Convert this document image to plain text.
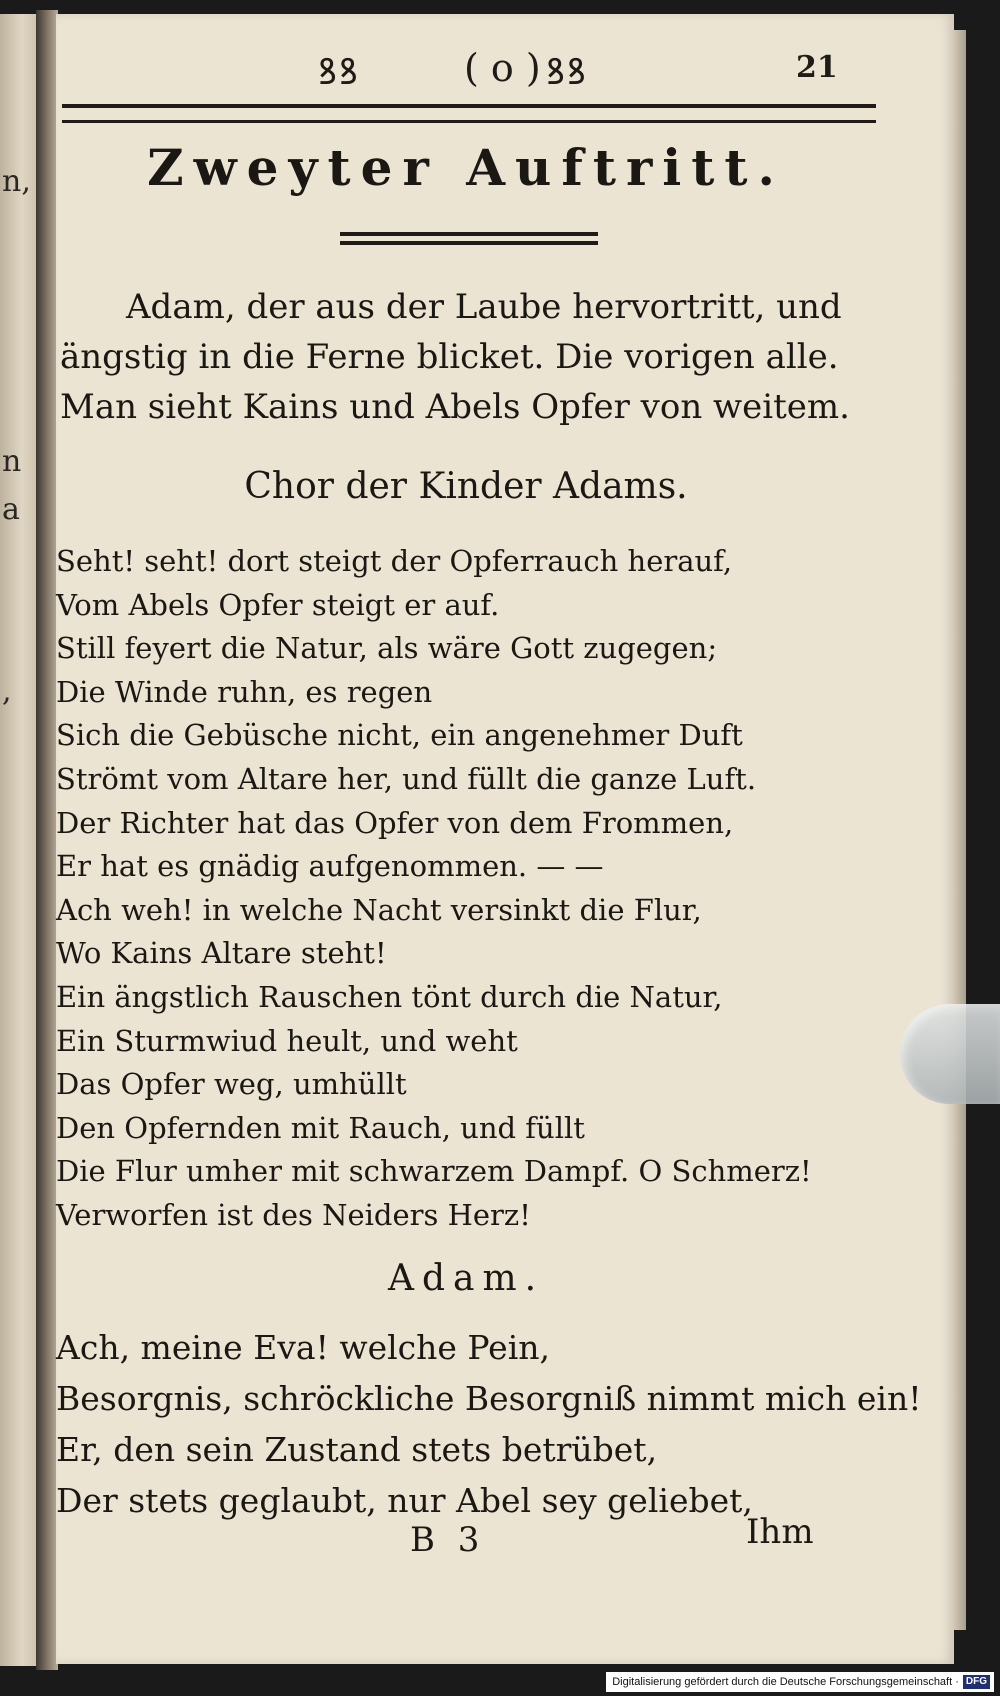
n,
n
a
,
ꝸꝸ	( o ) ꝸꝸ	21
Zweyter Auftritt.
Adam, der aus der Laube hervortritt, und
ängstig in die Ferne blicket. Die vorigen alle.
Man sieht Kains und Abels Opfer von weitem.
Chor der Kinder Adams.
Seht! seht! dort steigt der Opferrauch herauf,
Vom Abels Opfer steigt er auf.
Still feyert die Natur, als wäre Gott zugegen;
Die Winde ruhn, es regen
Sich die Gebüsche nicht, ein angenehmer Duft
Strömt vom Altare her, und füllt die ganze Luft.
Der Richter hat das Opfer von dem Frommen,
Er hat es gnädig aufgenommen. — —
Ach weh! in welche Nacht versinkt die Flur,
Wo Kains Altare steht!
Ein ängstlich Rauschen tönt durch die Natur,
Ein Sturmwiud heult, und weht
Das Opfer weg, umhüllt
Den Opfernden mit Rauch, und füllt
Die Flur umher mit schwarzem Dampf. O Schmerz!
Verworfen ist des Neiders Herz!
Adam.
Ach, meine Eva! welche Pein,
Besorgnis, schröckliche Besorgniß nimmt mich ein!
Er, den sein Zustand stets betrübet,
Der stets geglaubt, nur Abel sey geliebet,
B 3	Ihm
Digitalisierung gefördert durch die Deutsche Forschungsgemeinschaft · DFG
